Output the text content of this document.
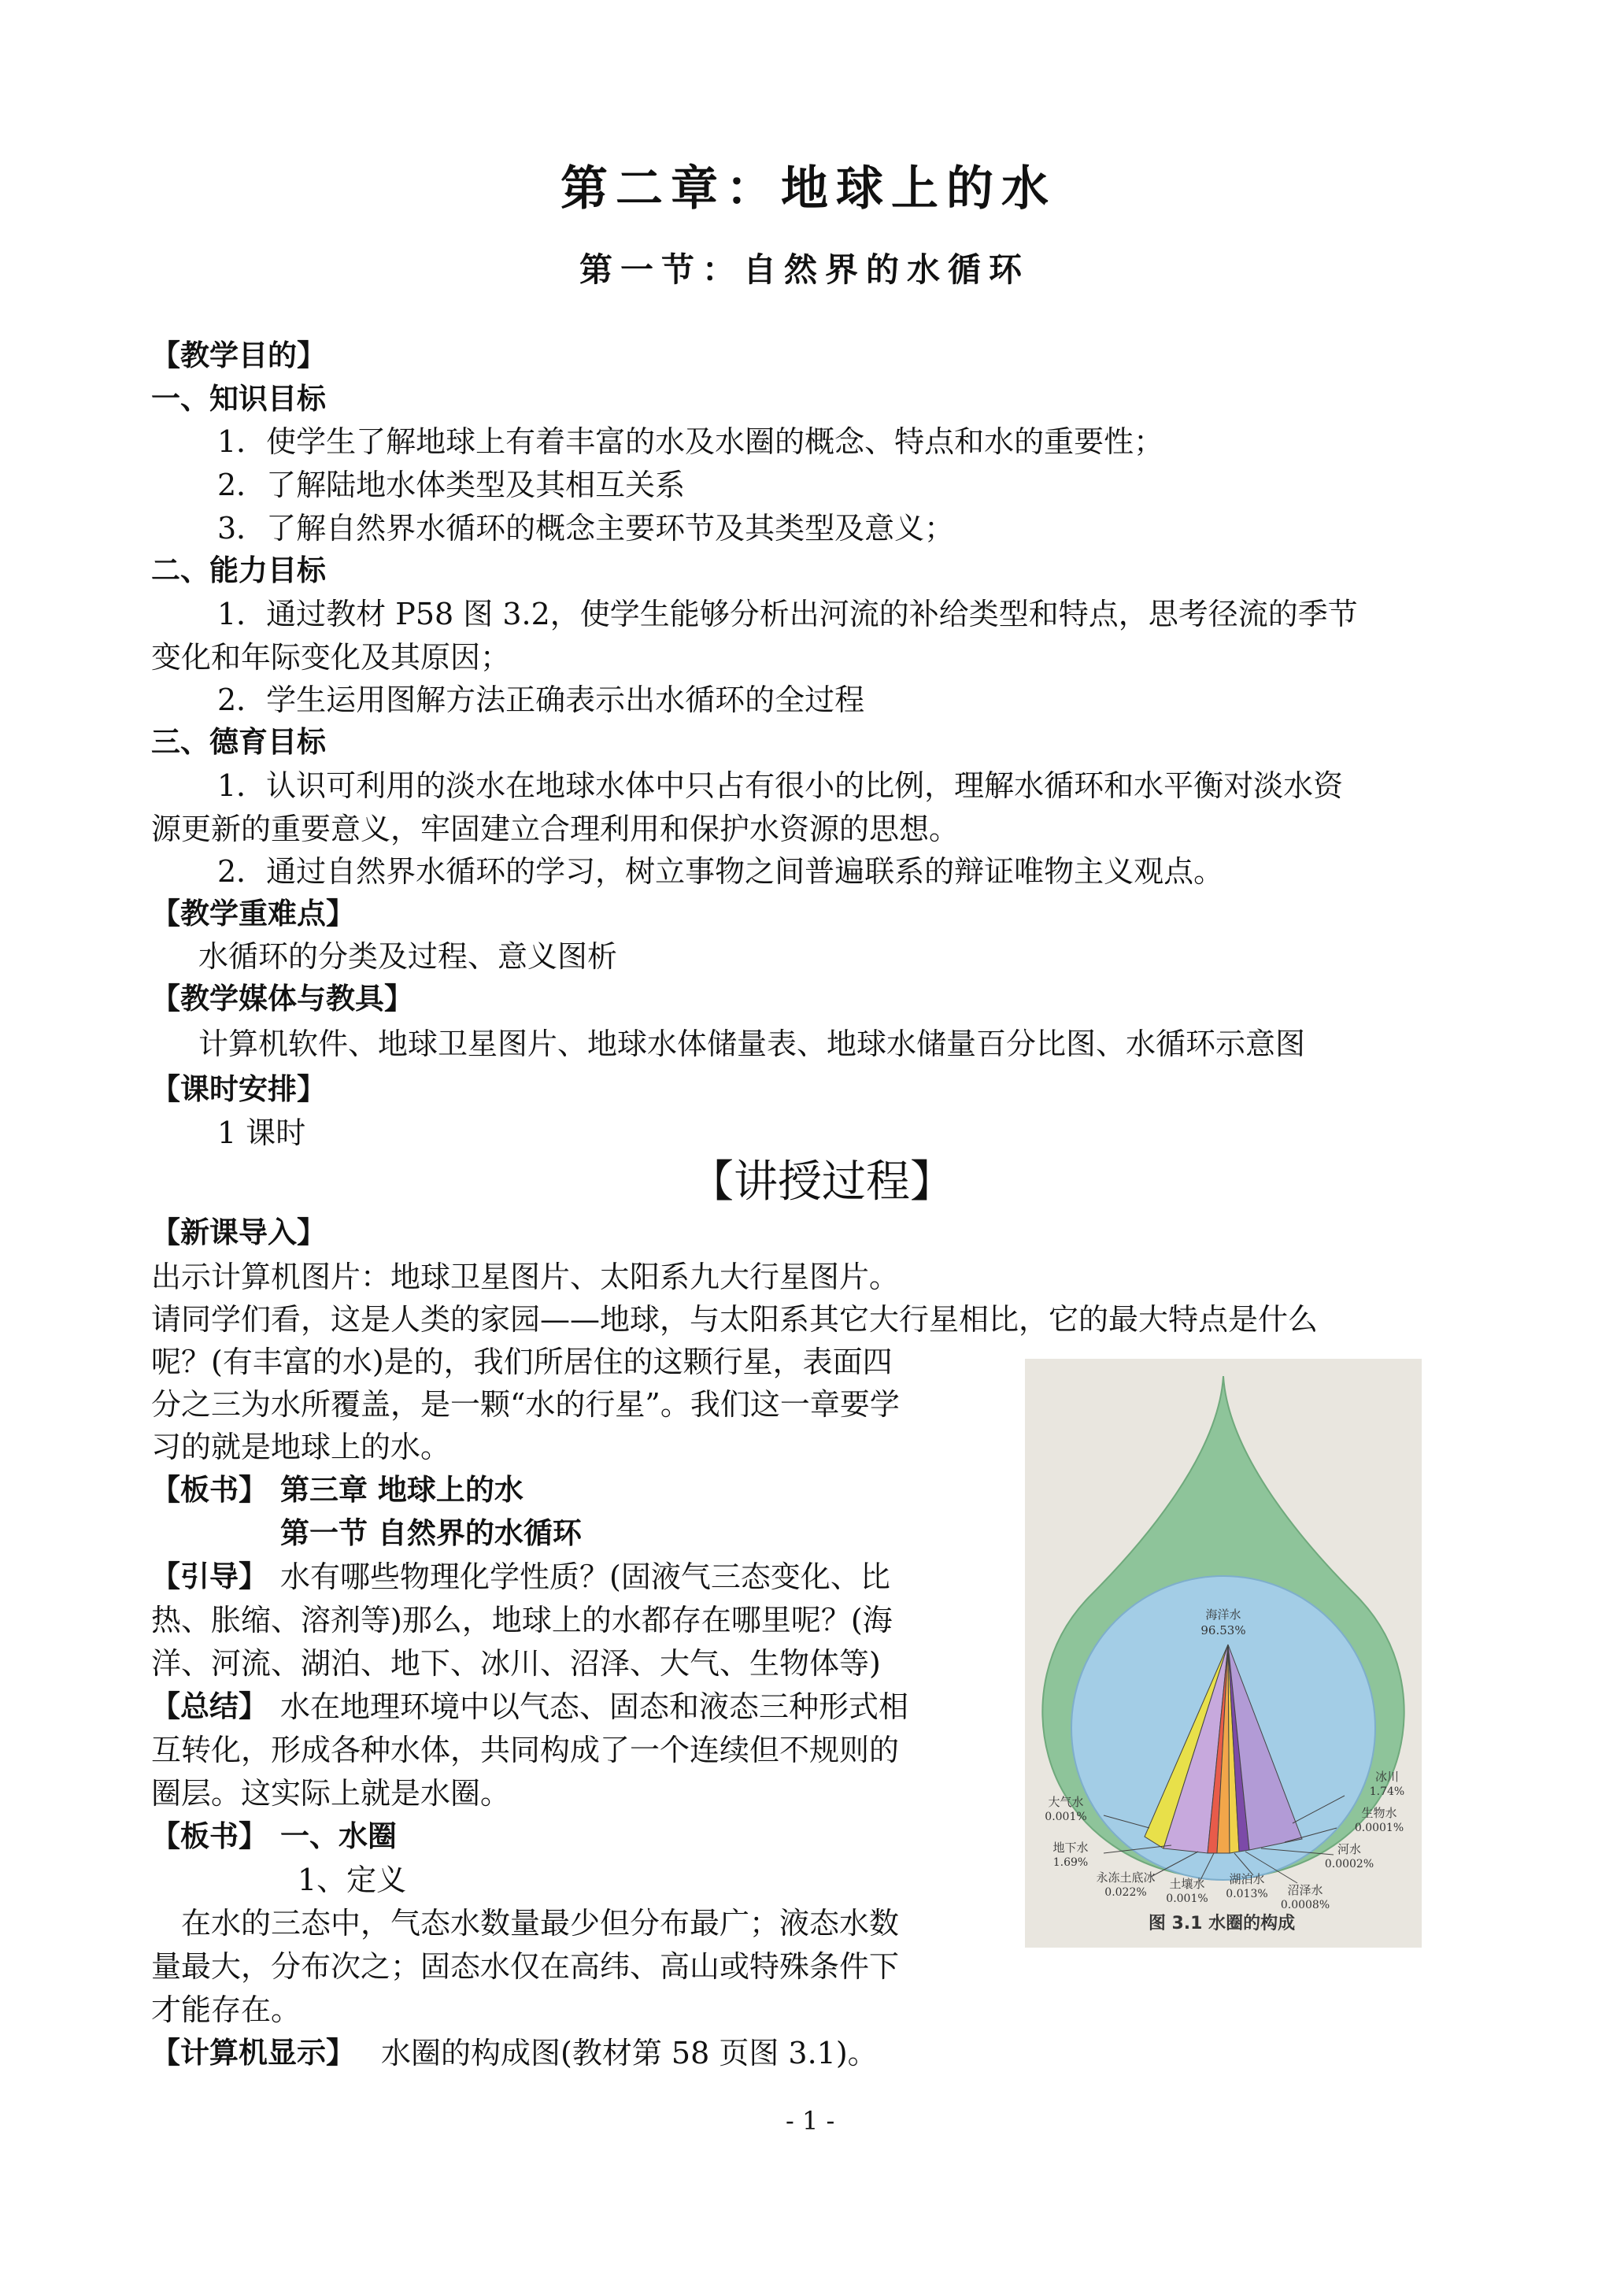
第二章：地球上的水
第一节：自然界的水循环
【教学目的】
一、知识目标
1．使学生了解地球上有着丰富的水及水圈的概念、特点和水的重要性；
2．了解陆地水体类型及其相互关系
3．了解自然界水循环的概念主要环节及其类型及意义；
二、能力目标
1．通过教材 P58 图 3.2，使学生能够分析出河流的补给类型和特点，思考径流的季节
变化和年际变化及其原因；
2．学生运用图解方法正确表示出水循环的全过程
三、德育目标
1．认识可利用的淡水在地球水体中只占有很小的比例，理解水循环和水平衡对淡水资
源更新的重要意义，牢固建立合理利用和保护水资源的思想。
2．通过自然界水循环的学习，树立事物之间普遍联系的辩证唯物主义观点。
【教学重难点】
水循环的分类及过程、意义图析
【教学媒体与教具】
计算机软件、地球卫星图片、地球水体储量表、地球水储量百分比图、水循环示意图
【课时安排】
1 课时
【讲授过程】
【新课导入】
出示计算机图片：地球卫星图片、太阳系九大行星图片。
请同学们看，这是人类的家园——地球，与太阳系其它大行星相比，它的最大特点是什么
呢？(有丰富的水)是的，我们所居住的这颗行星，表面四
分之三为水所覆盖，是一颗“水的行星”。我们这一章要学
习的就是地球上的水。
【板书】 第三章 地球上的水
第一节 自然界的水循环
【引导】 水有哪些物理化学性质？(固液气三态变化、比
热、胀缩、溶剂等)那么，地球上的水都存在哪里呢？(海
洋、河流、湖泊、地下、冰川、沼泽、大气、生物体等)
【总结】 水在地理环境中以气态、固态和液态三种形式相
互转化，形成各种水体，共同构成了一个连续但不规则的
圈层。这实际上就是水圈。
【板书】 一、水圈
1、定义
在水的三态中，气态水数量最少但分布最广；液态水数
量最大，分布次之；固态水仅在高纬、高山或特殊条件下
才能存在。
【计算机显示】 水圈的构成图(教材第 58 页图 3.1)。
海洋水
96.53%
大气水
0.001%
地下水
1.69%
永冻土底冰
0.022%
土壤水
0.001%
湖泊水
0.013% 沼泽水
0.0008%
河水
0.0002%
生物水
0.0001%
冰川
1.74%
图 3.1 水圈的构成
- 1 -
